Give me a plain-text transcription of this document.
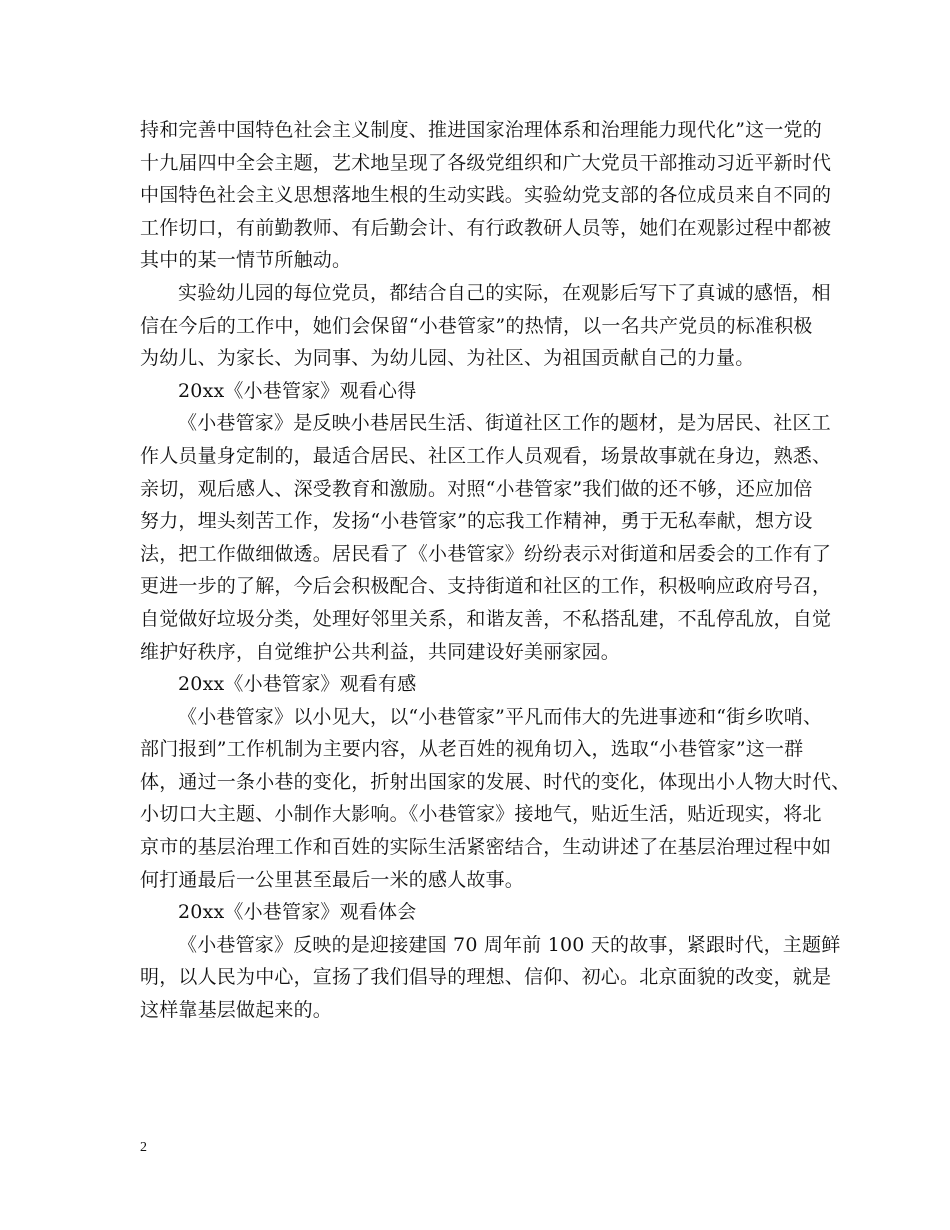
持和完善中国特色社会主义制度、推进国家治理体系和治理能力现代化”这一党的
十九届四中全会主题，艺术地呈现了各级党组织和广大党员干部推动习近平新时代
中国特色社会主义思想落地生根的生动实践。实验幼党支部的各位成员来自不同的
工作切口，有前勤教师、有后勤会计、有行政教研人员等，她们在观影过程中都被
其中的某一情节所触动。
实验幼儿园的每位党员，都结合自己的实际，在观影后写下了真诚的感悟，相
信在今后的工作中，她们会保留“小巷管家”的热情，以一名共产党员的标准积极
为幼儿、为家长、为同事、为幼儿园、为社区、为祖国贡献自己的力量。
20xx《小巷管家》观看心得
《小巷管家》是反映小巷居民生活、街道社区工作的题材，是为居民、社区工
作人员量身定制的，最适合居民、社区工作人员观看，场景故事就在身边，熟悉、
亲切，观后感人、深受教育和激励。对照“小巷管家”我们做的还不够，还应加倍
努力，埋头刻苦工作，发扬“小巷管家”的忘我工作精神，勇于无私奉献，想方设
法，把工作做细做透。居民看了《小巷管家》纷纷表示对街道和居委会的工作有了
更进一步的了解，今后会积极配合、支持街道和社区的工作，积极响应政府号召，
自觉做好垃圾分类，处理好邻里关系，和谐友善，不私搭乱建，不乱停乱放，自觉
维护好秩序，自觉维护公共利益，共同建设好美丽家园。
20xx《小巷管家》观看有感
《小巷管家》以小见大，以“小巷管家”平凡而伟大的先进事迹和“街乡吹哨、
部门报到”工作机制为主要内容，从老百姓的视角切入，选取“小巷管家”这一群
体，通过一条小巷的变化，折射出国家的发展、时代的变化，体现出小人物大时代、
小切口大主题、小制作大影响。《小巷管家》接地气，贴近生活，贴近现实，将北
京市的基层治理工作和百姓的实际生活紧密结合，生动讲述了在基层治理过程中如
何打通最后一公里甚至最后一米的感人故事。
20xx《小巷管家》观看体会
《小巷管家》反映的是迎接建国 70 周年前 100 天的故事，紧跟时代，主题鲜
明，以人民为中心，宣扬了我们倡导的理想、信仰、初心。北京面貌的改变，就是
这样靠基层做起来的。
2
